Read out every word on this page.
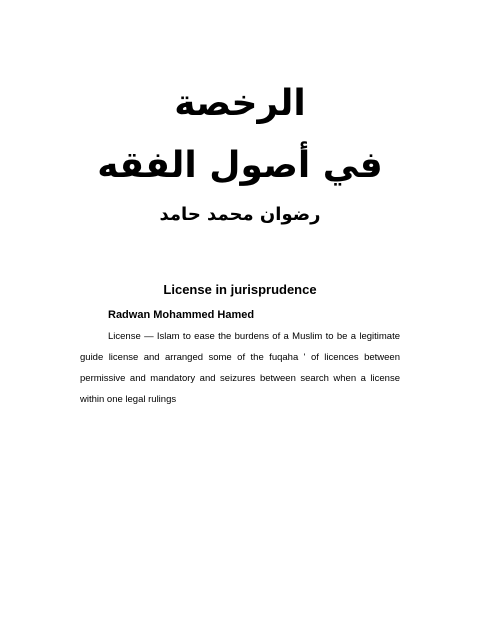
الرخصة
في أصول الفقه
رضوان محمد حامد
License in jurisprudence
Radwan Mohammed Hamed

License — Islam to ease the burdens of a Muslim to be a legitimate guide license and arranged some of the fuqaha ' of licences between permissive and mandatory and seizures between search when a license within one legal rulings
